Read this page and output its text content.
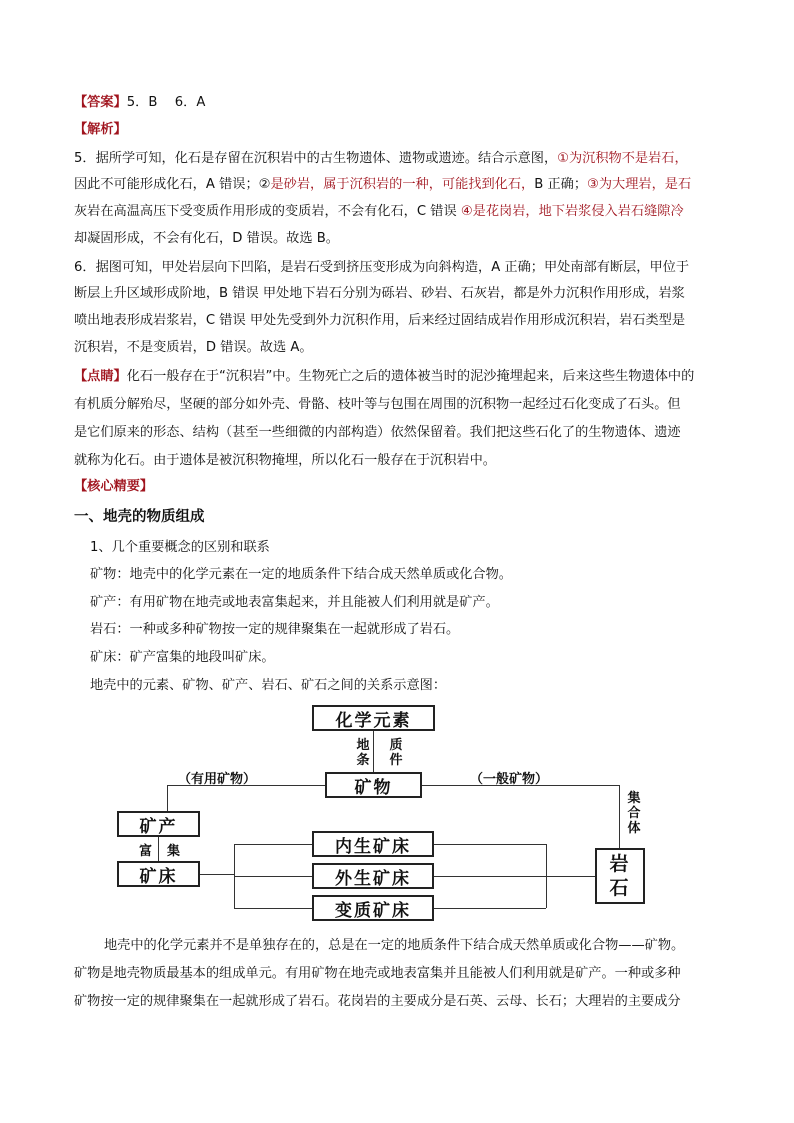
【答案】5．B　 6．A
【解析】
5．据所学可知，化石是存留在沉积岩中的古生物遗体、遗物或遗迹。结合示意图，①为沉积物不是岩石，
因此不可能形成化石，A 错误；②是砂岩，属于沉积岩的一种，可能找到化石，B 正确；③为大理岩，是石
灰岩在高温高压下受变质作用形成的变质岩，不会有化石，C 错误 ④是花岗岩，地下岩浆侵入岩石缝隙冷
却凝固形成，不会有化石，D 错误。故选 B。
6．据图可知，甲处岩层向下凹陷，是岩石受到挤压变形成为向斜构造，A 正确；甲处南部有断层，甲位于
断层上升区域形成阶地，B 错误 甲处地下岩石分别为砾岩、砂岩、石灰岩，都是外力沉积作用形成，岩浆
喷出地表形成岩浆岩，C 错误 甲处先受到外力沉积作用，后来经过固结成岩作用形成沉积岩，岩石类型是
沉积岩，不是变质岩，D 错误。故选 A。
【点睛】化石一般存在于“沉积岩”中。生物死亡之后的遗体被当时的泥沙掩埋起来，后来这些生物遗体中的
有机质分解殆尽，坚硬的部分如外壳、骨骼、枝叶等与包围在周围的沉积物一起经过石化变成了石头。但
是它们原来的形态、结构（甚至一些细微的内部构造）依然保留着。我们把这些石化了的生物遗体、遗迹
就称为化石。由于遗体是被沉积物掩埋，所以化石一般存在于沉积岩中。
【核心精要】
一、地壳的物质组成
1、几个重要概念的区别和联系
矿物：地壳中的化学元素在一定的地质条件下结合成天然单质或化合物。
矿产：有用矿物在地壳或地表富集起来，并且能被人们利用就是矿产。
岩石：一种或多种矿物按一定的规律聚集在一起就形成了岩石。
矿床：矿产富集的地段叫矿床。
地壳中的元素、矿物、矿产、岩石、矿石之间的关系示意图：
化学元素
地条
质件
矿物
（有用矿物）	（一般矿物）
集合体
矿产
富 集
矿床
内生矿床
外生矿床
变质矿床
岩
石
地壳中的化学元素并不是单独存在的，总是在一定的地质条件下结合成天然单质或化合物——矿物。
矿物是地壳物质最基本的组成单元。有用矿物在地壳或地表富集并且能被人们利用就是矿产。一种或多种
矿物按一定的规律聚集在一起就形成了岩石。花岗岩的主要成分是石英、云母、长石；大理岩的主要成分
